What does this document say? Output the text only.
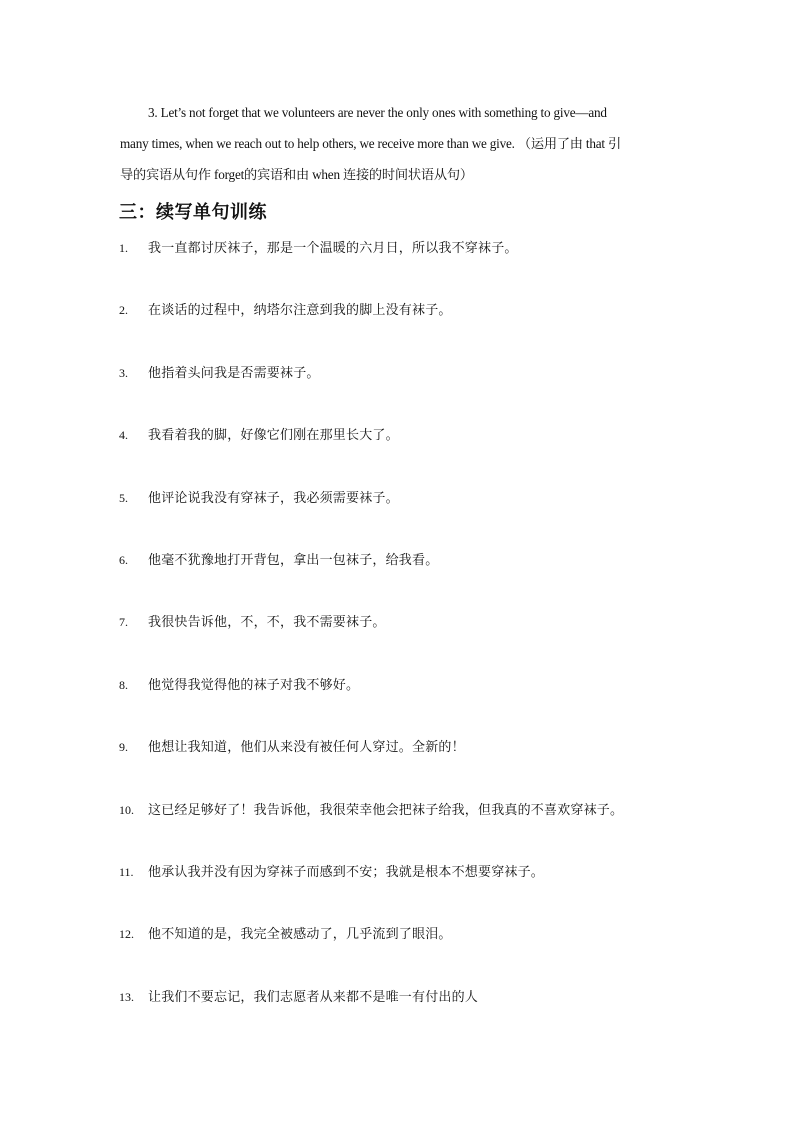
3. Let’s not forget that we volunteers are never the only ones with something to give—and
many times, when we reach out to help others, we receive more than we give. （运用了由 that 引
导的宾语从句作 forget的宾语和由 when 连接的时间状语从句）
三：续写单句训练
1. 我一直都讨厌袜子，那是一个温暖的六月日，所以我不穿袜子。
2. 在谈话的过程中，纳塔尔注意到我的脚上没有袜子。
3. 他指着头问我是否需要袜子。
4. 我看着我的脚，好像它们刚在那里长大了。
5. 他评论说我没有穿袜子，我必须需要袜子。
6. 他毫不犹豫地打开背包，拿出一包袜子，给我看。
7. 我很快告诉他，不，不，我不需要袜子。
8. 他觉得我觉得他的袜子对我不够好。
9. 他想让我知道，他们从来没有被任何人穿过。全新的！
10. 这已经足够好了！我告诉他，我很荣幸他会把袜子给我，但我真的不喜欢穿袜子。
11. 他承认我并没有因为穿袜子而感到不安；我就是根本不想要穿袜子。
12. 他不知道的是，我完全被感动了，几乎流到了眼泪。
13. 让我们不要忘记，我们志愿者从来都不是唯一有付出的人
